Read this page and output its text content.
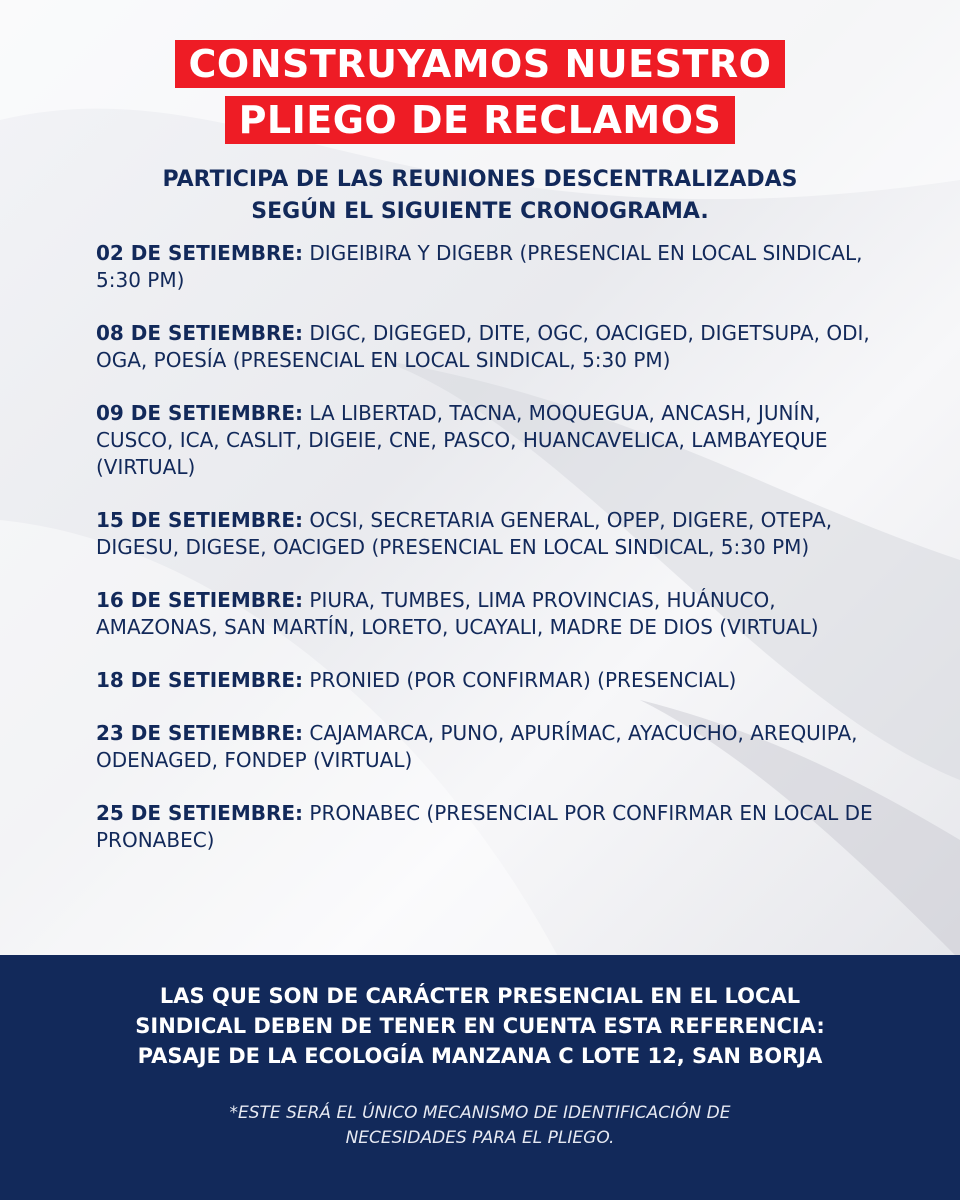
CONSTRUYAMOS NUESTRO
PLIEGO DE RECLAMOS
PARTICIPA DE LAS REUNIONES DESCENTRALIZADAS
SEGÚN EL SIGUIENTE CRONOGRAMA.
02 DE SETIEMBRE: DIGEIBIRA Y DIGEBR (PRESENCIAL EN LOCAL SINDICAL, 5:30 PM)
08 DE SETIEMBRE: DIGC, DIGEGED, DITE, OGC, OACIGED, DIGETSUPA, ODI, OGA, POESÍA (PRESENCIAL EN LOCAL SINDICAL, 5:30 PM)
09 DE SETIEMBRE: LA LIBERTAD, TACNA, MOQUEGUA, ANCASH, JUNÍN, CUSCO, ICA, CASLIT, DIGEIE, CNE, PASCO, HUANCAVELICA, LAMBAYEQUE (VIRTUAL)
15 DE SETIEMBRE: OCSI, SECRETARIA GENERAL, OPEP, DIGERE, OTEPA, DIGESU, DIGESE, OACIGED (PRESENCIAL EN LOCAL SINDICAL, 5:30 PM)
16 DE SETIEMBRE: PIURA, TUMBES, LIMA PROVINCIAS, HUÁNUCO, AMAZONAS, SAN MARTÍN, LORETO, UCAYALI, MADRE DE DIOS (VIRTUAL)
18 DE SETIEMBRE: PRONIED (POR CONFIRMAR) (PRESENCIAL)
23 DE SETIEMBRE: CAJAMARCA, PUNO, APURÍMAC, AYACUCHO, AREQUIPA, ODENAGED, FONDEP (VIRTUAL)
25 DE SETIEMBRE: PRONABEC (PRESENCIAL POR CONFIRMAR EN LOCAL DE PRONABEC)
LAS QUE SON DE CARÁCTER PRESENCIAL EN EL LOCAL
SINDICAL DEBEN DE TENER EN CUENTA ESTA REFERENCIA:
PASAJE DE LA ECOLOGÍA MANZANA C LOTE 12, SAN BORJA
*ESTE SERÁ EL ÚNICO MECANISMO DE IDENTIFICACIÓN DE
NECESIDADES PARA EL PLIEGO.
